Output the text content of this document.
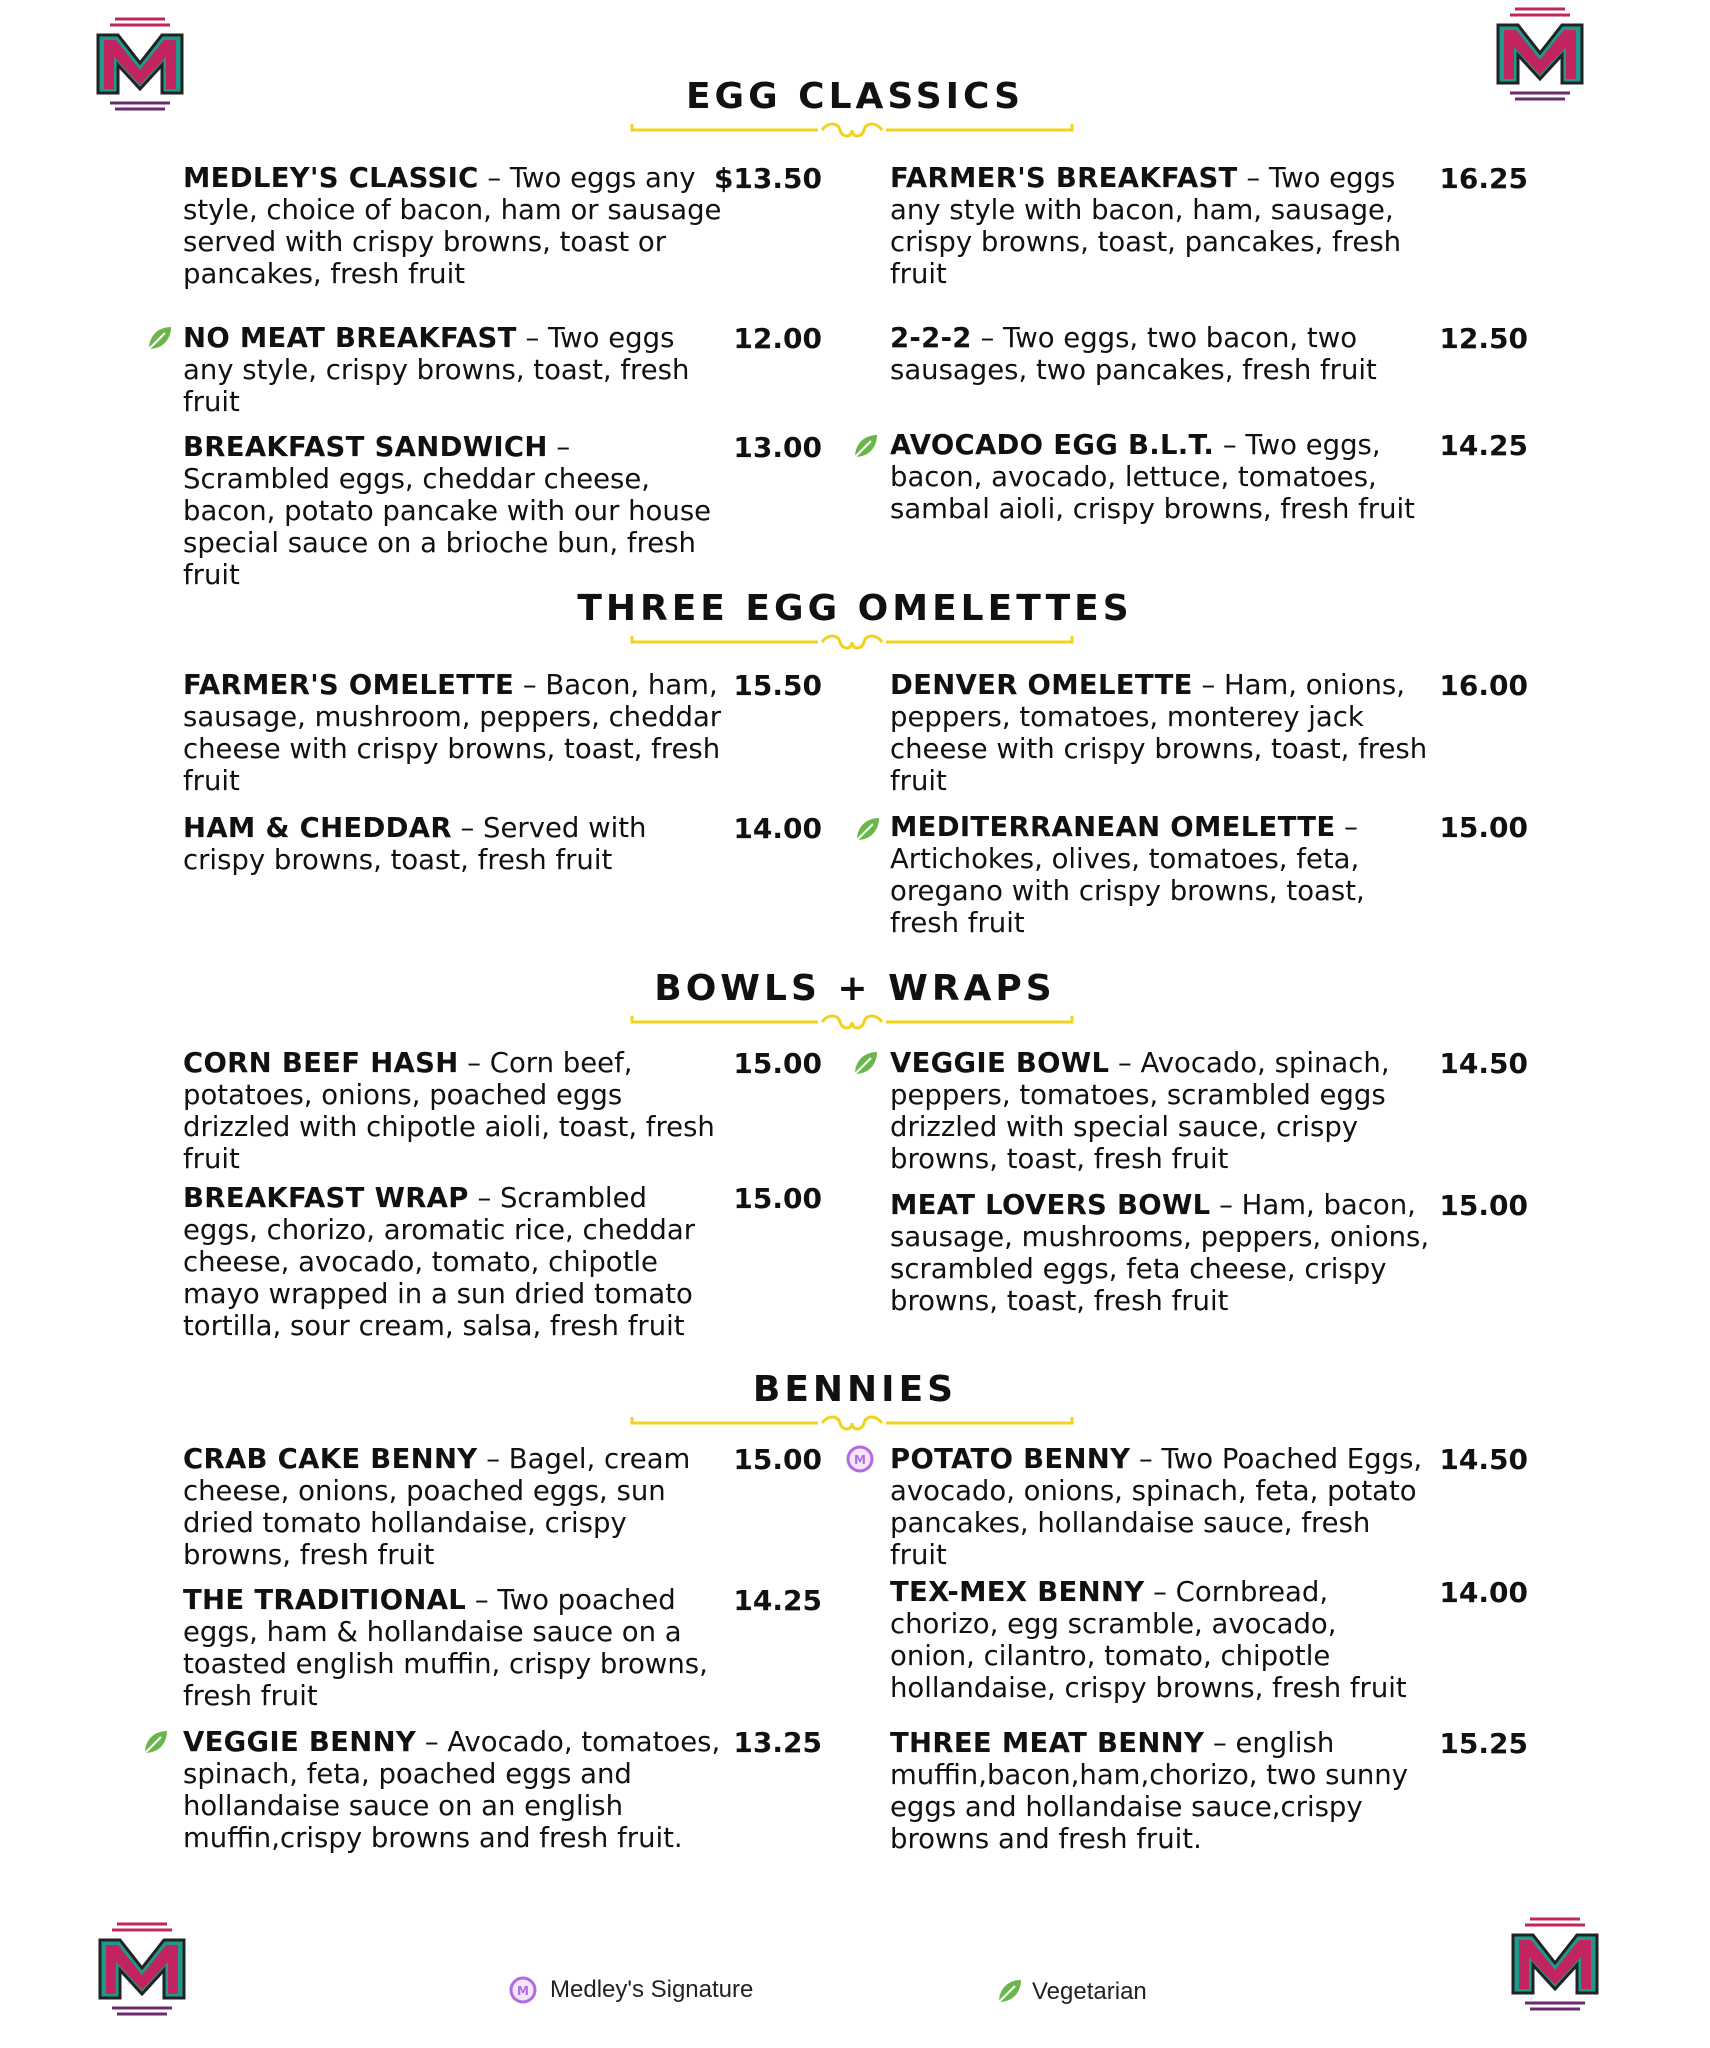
EGG CLASSICS
THREE EGG OMELETTES
BOWLS + WRAPS
BENNIES
MEDLEY'S CLASSIC – Two eggs any style, choice of bacon, ham or sausage served with crispy browns, toast or pancakes, fresh fruit
$13.50 FARMER'S BREAKFAST – Two eggs any style with bacon, ham, sausage, crispy browns, toast, pancakes, fresh fruit
16.25
NO MEAT BREAKFAST – Two eggs any style, crispy browns, toast, fresh fruit
12.00 2-2-2 – Two eggs, two bacon, two sausages, two pancakes, fresh fruit
12.50
BREAKFAST SANDWICH – Scrambled eggs, cheddar cheese, bacon, potato pancake with our house special sauce on a brioche bun, fresh fruit
13.00 AVOCADO EGG B.L.T. – Two eggs, bacon, avocado, lettuce, tomatoes, sambal aioli, crispy browns, fresh fruit
14.25
FARMER'S OMELETTE – Bacon, ham, sausage, mushroom, peppers, cheddar cheese with crispy browns, toast, fresh fruit
15.50 DENVER OMELETTE – Ham, onions, peppers, tomatoes, monterey jack cheese with crispy browns, toast, fresh fruit
16.00
HAM & CHEDDAR – Served with crispy browns, toast, fresh fruit
14.00 MEDITERRANEAN OMELETTE – Artichokes, olives, tomatoes, feta, oregano with crispy browns, toast, fresh fruit
15.00
CORN BEEF HASH – Corn beef, potatoes, onions, poached eggs drizzled with chipotle aioli, toast, fresh fruit
15.00 VEGGIE BOWL – Avocado, spinach, peppers, tomatoes, scrambled eggs drizzled with special sauce, crispy browns, toast, fresh fruit
14.50
BREAKFAST WRAP – Scrambled eggs, chorizo, aromatic rice, cheddar cheese, avocado, tomato, chipotle mayo wrapped in a sun dried tomato tortilla, sour cream, salsa, fresh fruit
15.00 MEAT LOVERS BOWL – Ham, bacon, sausage, mushrooms, peppers, onions, scrambled eggs, feta cheese, crispy browns, toast, fresh fruit
15.00
CRAB CAKE BENNY – Bagel, cream cheese, onions, poached eggs, sun dried tomato hollandaise, crispy browns, fresh fruit
15.00	M POTATO BENNY – Two Poached Eggs, avocado, onions, spinach, feta, potato pancakes, hollandaise sauce, fresh fruit
14.50
THE TRADITIONAL – Two poached eggs, ham & hollandaise sauce on a toasted english muffin, crispy browns, fresh fruit
14.25 TEX-MEX BENNY – Cornbread, chorizo, egg scramble, avocado, onion, cilantro, tomato, chipotle hollandaise, crispy browns, fresh fruit
14.00
VEGGIE BENNY – Avocado, tomatoes, spinach, feta, poached eggs and hollandaise sauce on an english muffin,crispy browns and fresh fruit.
13.25 THREE MEAT BENNY – english muffin,bacon,ham,chorizo, two sunny eggs and hollandaise sauce,crispy browns and fresh fruit.
15.25
M Medley's Signature	Vegetarian
